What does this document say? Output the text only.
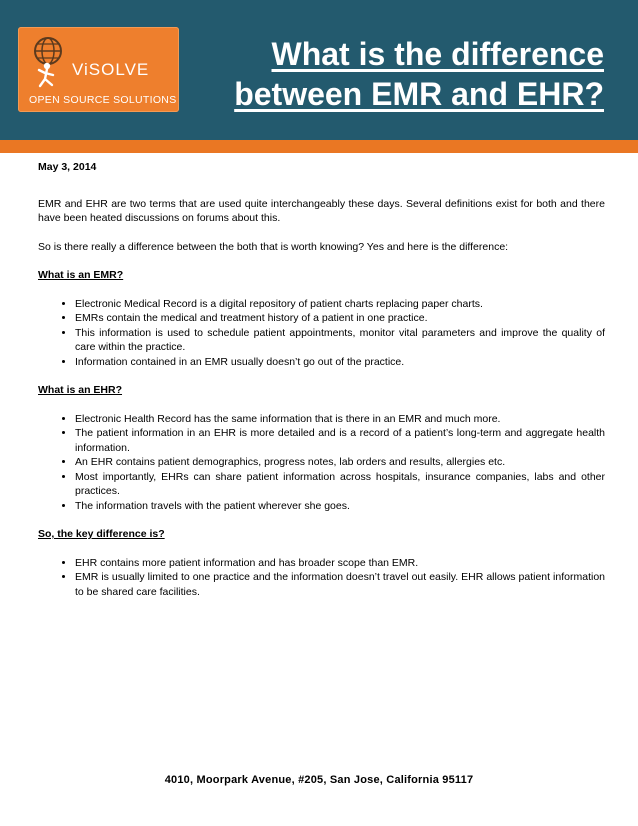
ViSOLVE
OPEN SOURCE SOLUTIONS
What is the difference between EMR and EHR?

May 3, 2014

EMR and EHR are two terms that are used quite interchangeably these days. Several definitions exist for both and there have been heated discussions on forums about this.

So is there really a difference between the both that is worth knowing? Yes and here is the difference:

What is an EMR?

• Electronic Medical Record is a digital repository of patient charts replacing paper charts.
• EMRs contain the medical and treatment history of a patient in one practice.
• This information is used to schedule patient appointments, monitor vital parameters and improve the quality of care within the practice.
• Information contained in an EMR usually doesn’t go out of the practice.

What is an EHR?

• Electronic Health Record has the same information that is there in an EMR and much more.
• The patient information in an EHR is more detailed and is a record of a patient’s long-term and aggregate health information.
• An EHR contains patient demographics, progress notes, lab orders and results, allergies etc.
• Most importantly, EHRs can share patient information across hospitals, insurance companies, labs and other practices.
• The information travels with the patient wherever she goes.

So, the key difference is?

• EHR contains more patient information and has broader scope than EMR.
• EMR is usually limited to one practice and the information doesn’t travel out easily. EHR allows patient information to be shared care facilities.
4010, Moorpark Avenue, #205, San Jose, California 95117
